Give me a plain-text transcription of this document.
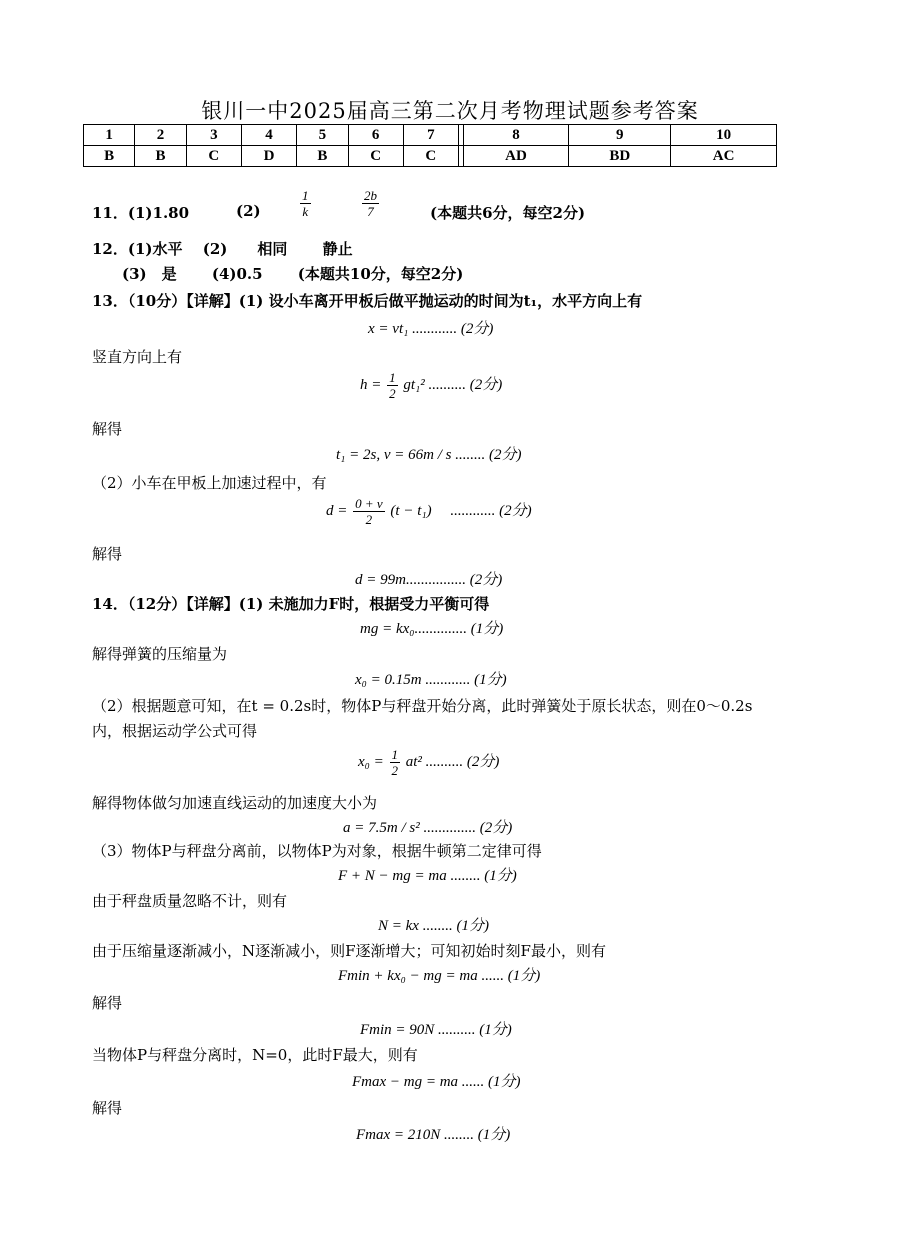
银川一中2025届高三第二次月考物理试题参考答案
1	2	3	4	5	6	7		8	9	10
B	B	C	D	B	C	C		AD	BD	AC
11．(1)1.80	(2)	$\frac{1}{k}$	$\frac{2b}{7}$	(本题共6分，每空2分)
12．(1)水平　 (2)　　相同　　 静止
(3)　是　　 (4)0.5　　 (本题共10分，每空2分)
13．（10分）【详解】(1) 设小车离开甲板后做平抛运动的时间为t₁，水平方向上有
x = vt₁ ............ (2分)
竖直方向上有
$h = \frac{1}{2} gt_1^2$ .......... (2分)
解得
t₁ = 2s, v = 66m / s ........ (2分)
（2）小车在甲板上加速过程中，有
$d = \frac{0 + v}{2} (t - t_1)$　 ............ (2分)
解得
d = 99m................ (2分)
14．（12分）【详解】(1) 未施加力F时，根据受力平衡可得
mg = kx₀.............. (1分)
解得弹簧的压缩量为
x₀ = 0.15m ............ (1分)
（2）根据题意可知，在t = 0.2s时，物体P与秤盘开始分离，此时弹簧处于原长状态，则在0～0.2s
内，根据运动学公式可得
$x_0 = \frac{1}{2} at^2$ .......... (2分)
解得物体做匀加速直线运动的加速度大小为
a = 7.5m / s² .............. (2分)
（3）物体P与秤盘分离前，以物体P为对象，根据牛顿第二定律可得
F + N − mg = ma ........ (1分)
由于秤盘质量忽略不计，则有
N = kx ........ (1分)
由于压缩量逐渐减小，N逐渐减小，则F逐渐增大；可知初始时刻F最小，则有
Fmin + kx₀ − mg = ma ...... (1分)
解得
Fmin = 90N .......... (1分)
当物体P与秤盘分离时，N=0，此时F最大，则有
Fmax − mg = ma ...... (1分)
解得
Fmax = 210N ........ (1分)
